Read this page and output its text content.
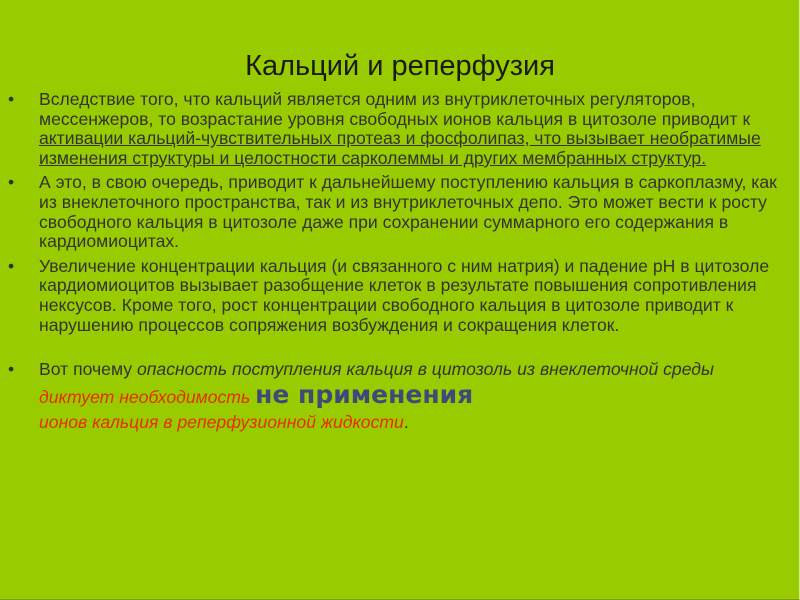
Кальций и реперфузия
• Вследствие того, что кальций является одним из внутриклеточных регуляторов, мессенжеров, то возрастание уровня свободных ионов кальция в цитозоле приводит к активации кальций-чувствительных протеаз и фосфолипаз, что вызывает необратимые изменения структуры и целостности сарколеммы и других мембранных структур.
• А это, в свою очередь, приводит к дальнейшему поступлению кальция в саркоплазму, как из внеклеточного пространства, так и из внутриклеточных депо. Это может вести к росту свободного кальция в цитозоле даже при сохранении суммарного его содержания в кардиомиоцитах.
• Увеличение концентрации кальция (и связанного с ним натрия) и падение pH в цитозоле кардиомиоцитов вызывает разобщение клеток в результате повышения сопротивления нексусов. Кроме того, рост концентрации свободного кальция в цитозоле приводит к нарушению процессов сопряжения возбуждения и сокращения клеток.
• Вот почему опасность поступления кальция в цитозоль из внеклеточной среды диктует необходимость не применения
ионов кальция в реперфузионной жидкости.
